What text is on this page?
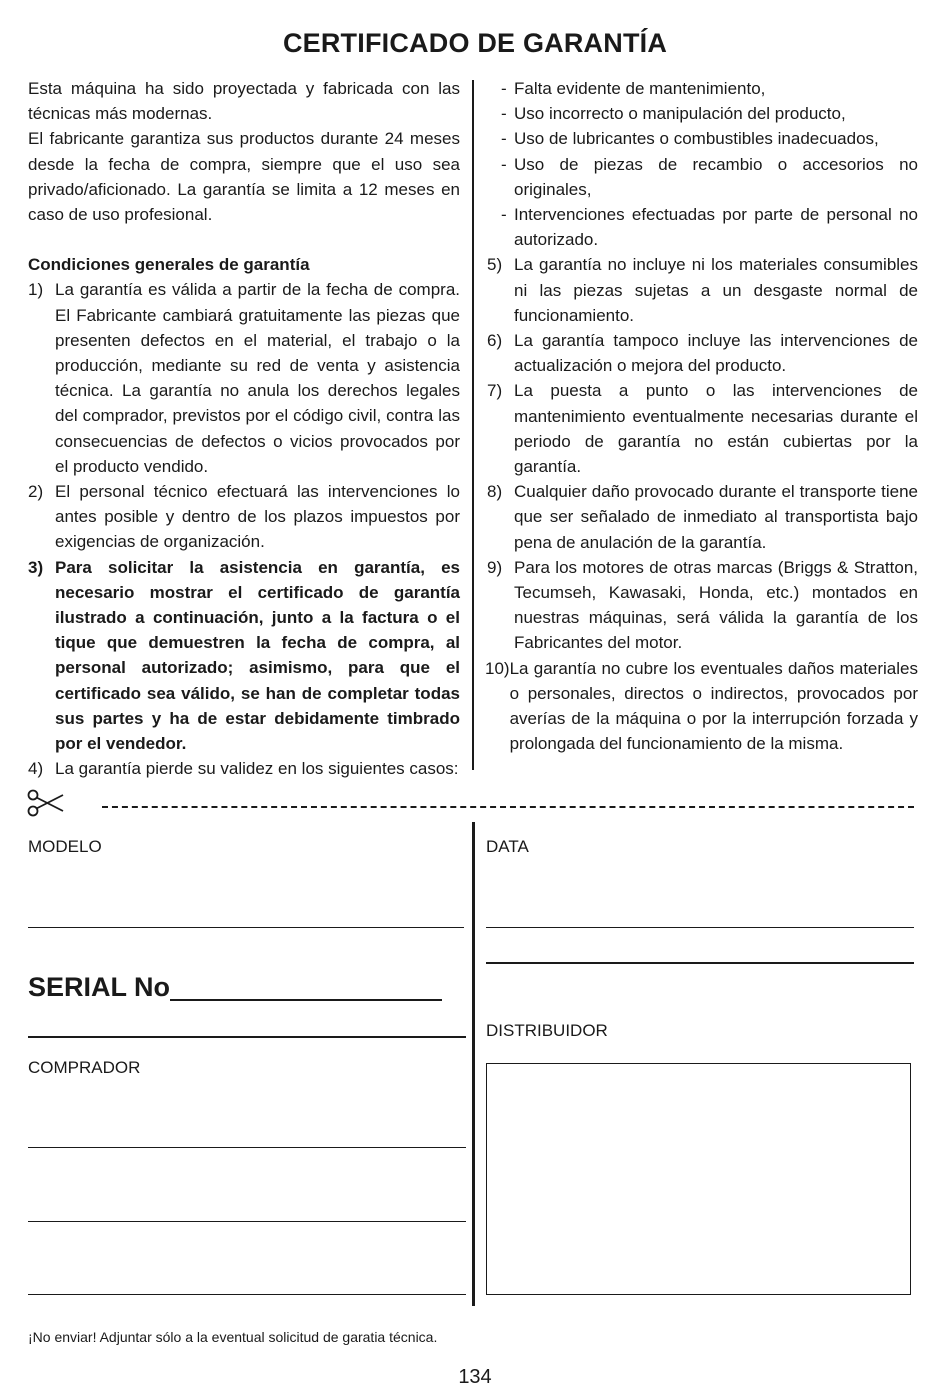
CERTIFICADO DE GARANTÍA

Esta máquina ha sido proyectada y fabricada con las técnicas más modernas.

El fabricante garantiza sus productos durante 24 meses desde la fecha de compra, siempre que el uso sea privado/aficionado. La garantía se limita a 12 meses en caso de uso profesional.

Condiciones generales de garantía

1) La garantía es válida a partir de la fecha de compra. El Fabricante cambiará gratuitamente las piezas que presenten defectos en el material, el trabajo o la producción, mediante su red de venta y asistencia técnica. La garantía no anula los derechos legales del comprador, previstos por el código civil, contra las consecuencias de defectos o vicios provocados por el producto vendido.
2) El personal técnico efectuará las intervenciones lo antes posible y dentro de los plazos impuestos por exigencias de organización.
3) Para solicitar la asistencia en garantía, es necesario mostrar el certificado de garantía ilustrado a continuación, junto a la factura o el tique que demuestren la fecha de compra, al personal autorizado; asimismo, para que el certificado sea válido, se han de completar todas sus partes y ha de estar debidamente timbrado por el vendedor.
4) La garantía pierde su validez en los siguientes casos:
- Falta evidente de mantenimiento,
- Uso incorrecto o manipulación del producto,
- Uso de lubricantes o combustibles inadecuados,
- Uso de piezas de recambio o accesorios no originales,
- Intervenciones efectuadas por parte de personal no autorizado.
5) La garantía no incluye ni los materiales consumibles ni las piezas sujetas a un desgaste normal de funcionamiento.
6) La garantía tampoco incluye las intervenciones de actualización o mejora del producto.
7) La puesta a punto o las intervenciones de mantenimiento eventualmente necesarias durante el periodo de garantía no están cubiertas por la garantía.
8) Cualquier daño provocado durante el transporte tiene que ser señalado de inmediato al transportista bajo pena de anulación de la garantía.
9) Para los motores de otras marcas (Briggs & Stratton, Tecumseh, Kawasaki, Honda, etc.) montados en nuestras máquinas, será válida la garantía de los Fabricantes del motor.
10) La garantía no cubre los eventuales daños materiales o personales, directos o indirectos, provocados por averías de la máquina o por la interrupción forzada y prolongada del funcionamiento de la misma.
MODELO	DATA
SERIAL No
DISTRIBUIDOR
COMPRADOR
¡No enviar! Adjuntar sólo a la eventual solicitud de garatia técnica.
134
